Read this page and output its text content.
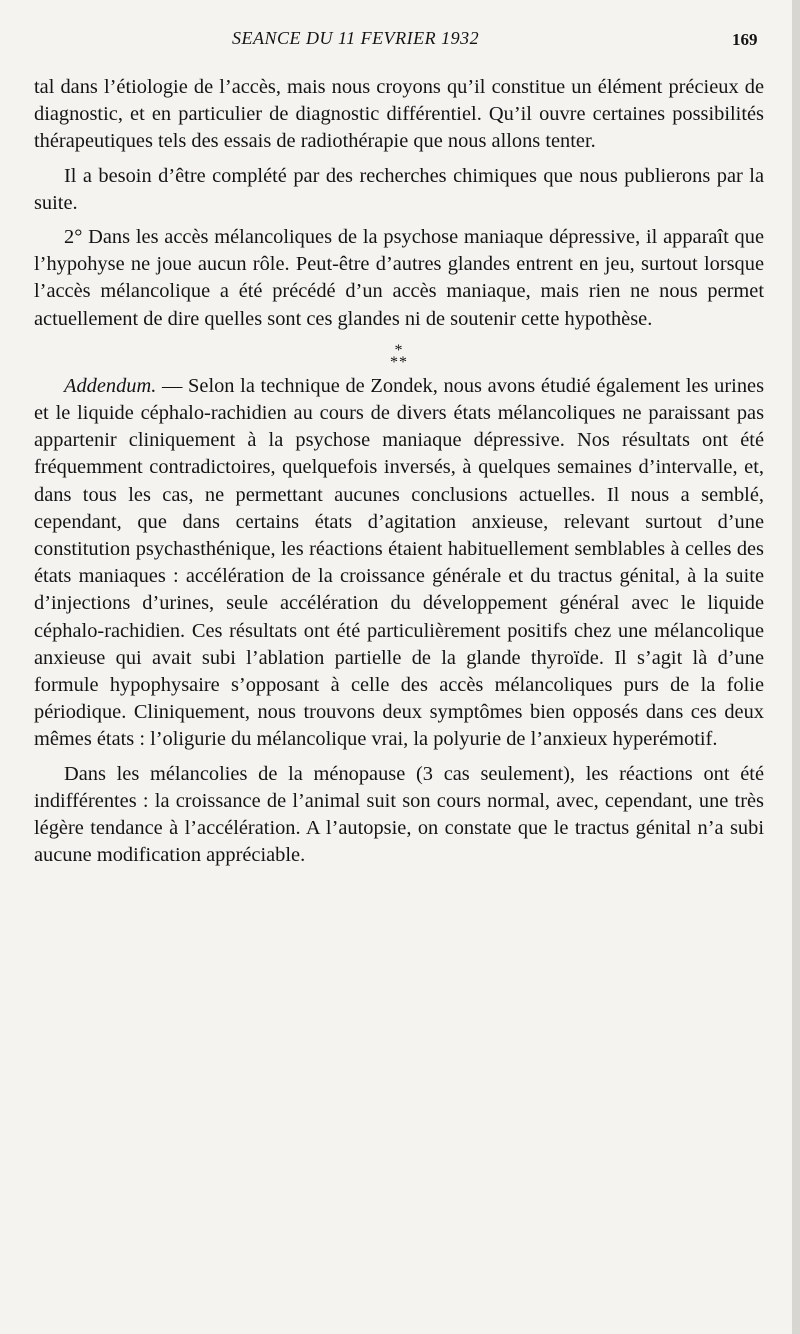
SEANCE DU 11 FEVRIER 1932	169

tal dans l’étiologie de l’accès, mais nous croyons qu’il constitue un élément précieux de diagnostic, et en particulier de diagnostic différentiel. Qu’il ouvre certaines possibilités thérapeutiques tels des essais de radiothérapie que nous allons tenter.

Il a besoin d’être complété par des recherches chimiques que nous publierons par la suite.

2° Dans les accès mélancoliques de la psychose maniaque dépressive, il apparaît que l’hypohyse ne joue aucun rôle. Peut-être d’autres glandes entrent en jeu, surtout lorsque l’accès mélancolique a été précédé d’un accès maniaque, mais rien ne nous permet actuellement de dire quelles sont ces glandes ni de soutenir cette hypothèse.

*
**

Addendum. — Selon la technique de Zondek, nous avons étudié également les urines et le liquide céphalo-rachidien au cours de divers états mélancoliques ne paraissant pas appartenir cliniquement à la psychose maniaque dépressive. Nos résultats ont été fréquemment contradictoires, quelquefois inversés, à quelques semaines d’intervalle, et, dans tous les cas, ne permettant aucunes conclusions actuelles. Il nous a semblé, cependant, que dans certains états d’agitation anxieuse, relevant surtout d’une constitution psychasthénique, les réactions étaient habituellement semblables à celles des états maniaques : accélération de la croissance générale et du tractus génital, à la suite d’injections d’urines, seule accélération du développement général avec le liquide céphalo-rachidien. Ces résultats ont été particulièrement positifs chez une mélancolique anxieuse qui avait subi l’ablation partielle de la glande thyroïde. Il s’agit là d’une formule hypophysaire s’opposant à celle des accès mélancoliques purs de la folie périodique. Cliniquement, nous trouvons deux symptômes bien opposés dans ces deux mêmes états : l’oligurie du mélancolique vrai, la polyurie de l’anxieux hyperémotif.

Dans les mélancolies de la ménopause (3 cas seulement), les réactions ont été indifférentes : la croissance de l’animal suit son cours normal, avec, cependant, une très légère tendance à l’accélération. A l’autopsie, on constate que le tractus génital n’a subi aucune modification appréciable.
